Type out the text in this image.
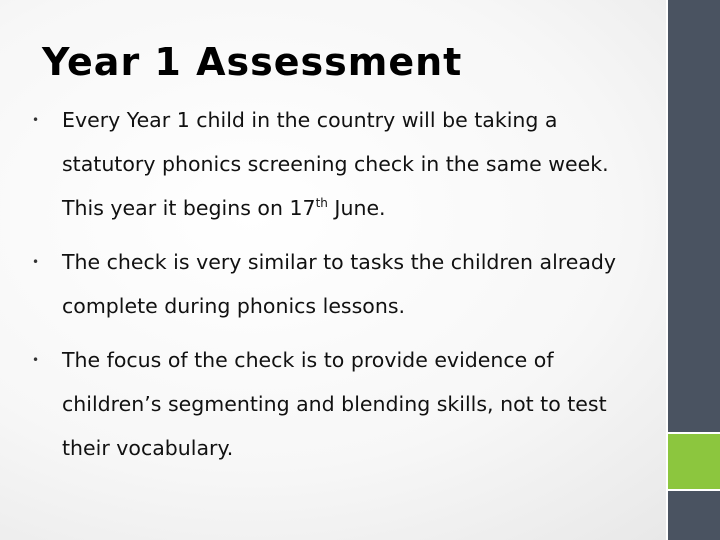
Year 1 Assessment
• Every Year 1 child in the country will be taking a statutory phonics screening check in the same week. This year it begins on 17th June.
• The check is very similar to tasks the children already complete during phonics lessons.
• The focus of the check is to provide evidence of children’s segmenting and blending skills, not to test their vocabulary.
